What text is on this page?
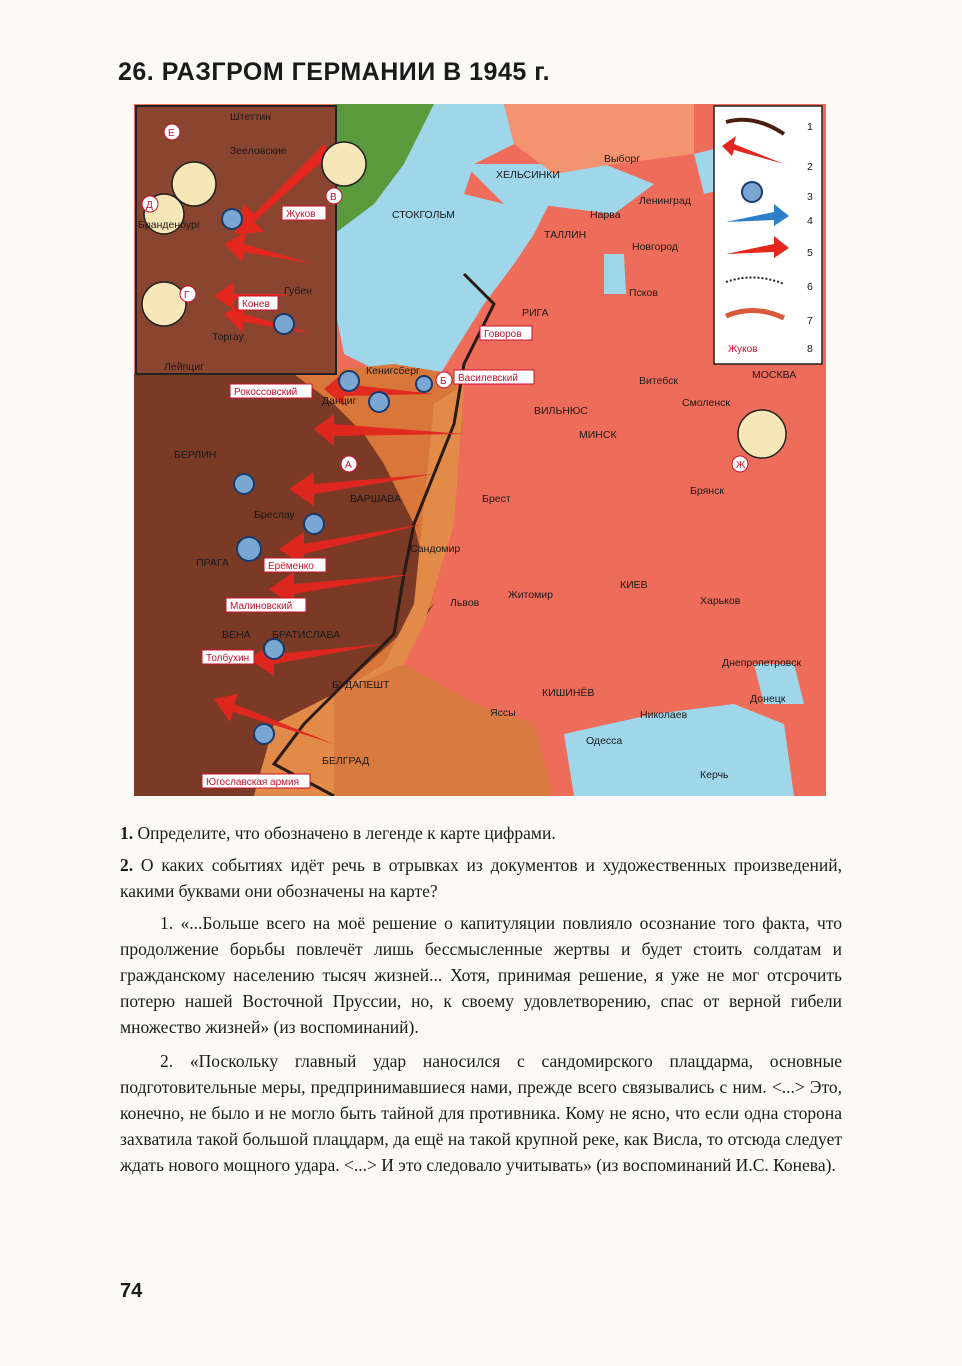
26. РАЗГРОМ ГЕРМАНИИ В 1945 г.
1
2
3
4
5
6
7
8
Жуков
ХЕЛЬСИНКИ
Выборг
Ленинград
СТОКГОЛЬМ	Нарва
ТАЛЛИН
Новгород
Псков
РИГА
Кенигсберг
Витебск	МОСКВА
Данциг
ВИЛЬНЮС
Смоленск
МИНСК
БЕРЛИН
ВАРШАВА	Брест
Брянск
Бреслау
Сандомир
ПРАГА
Житомир
КИЕВ
Львов	Харьков
ВЕНА БРАТИСЛАВА
Днепропетровск
БУДАПЕШТ
КИШИНЁВ	Донецк
Яссы	Николаев
Одесса
БЕЛГРАД
Керчь
Штеттин
Зееловские
Губен
Торгау
Лейпциг
Бранденбург
Говоров
Василевский
Рокоссовский
Ерёменко
Малиновский
Толбухин
Югославская армия
Жуков
Конев
А
Б
В
Г
Д
Е
Ж

1. Определите, что обозначено в легенде к карте цифрами.

2. О каких событиях идёт речь в отрывках из документов и художественных произведений, какими буквами они обозначены на карте?

1. «...Больше всего на моё решение о капитуляции повлияло осознание того факта, что продолжение борьбы повлечёт лишь бессмысленные жертвы и будет стоить солдатам и гражданскому населению тысяч жизней... Хотя, принимая решение, я уже не мог отсрочить потерю нашей Восточной Пруссии, но, к своему удовлетворению, спас от верной гибели множество жизней» (из воспоминаний).

2. «Поскольку главный удар наносился с сандомирского плацдарма, основные подготовительные меры, предпринимавшиеся нами, прежде всего связывались с ним. <...> Это, конечно, не было и не могло быть тайной для противника. Кому не ясно, что если одна сторона захватила такой большой плацдарм, да ещё на такой крупной реке, как Висла, то отсюда следует ждать нового мощного удара. <...> И это следовало учитывать» (из воспоминаний И.С. Конева).

74
